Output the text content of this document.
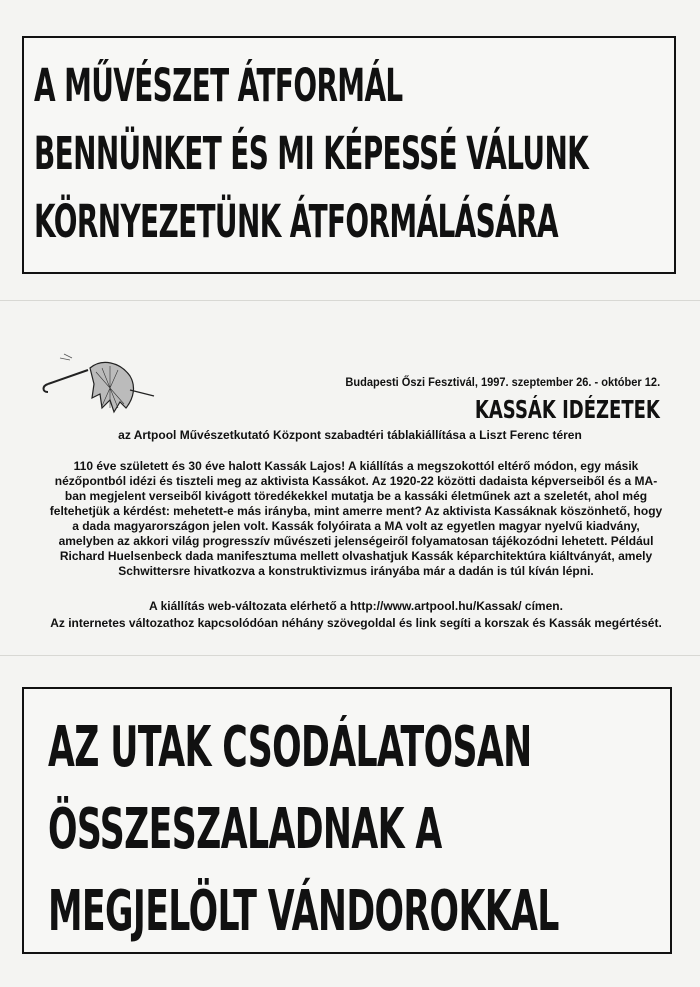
A MŰVÉSZET ÁTFORMÁL
BENNÜNKET ÉS MI KÉPESSÉ VÁLUNK
KÖRNYEZETÜNK ÁTFORMÁLÁSÁRA
Budapesti Őszi Fesztivál, 1997. szeptember 26. - október 12.
KASSÁK IDÉZETEK
az Artpool Művészetkutató Központ szabadtéri táblakiállítása a Liszt Ferenc téren

110 éve született és 30 éve halott Kassák Lajos! A kiállítás a megszokottól eltérő módon, egy másik nézőpontból idézi és tiszteli meg az aktivista Kassákot. Az 1920-22 közötti dadaista képverseiből és a MA-ban megjelent verseiből kivágott töredékekkel mutatja be a kassáki életműnek azt a szeletét, ahol még feltehetjük a kérdést: mehetett-e más irányba, mint amerre ment? Az aktivista Kassáknak köszönhető, hogy a dada magyarországon jelen volt. Kassák folyóirata a MA volt az egyetlen magyar nyelvű kiadvány, amelyben az akkori világ progresszív művészeti jelenségeiről folyamatosan tájékozódni lehetett. Például Richard Huelsenbeck dada manifesztuma mellett olvashatjuk Kassák képarchitektúra kiáltványát, amely Schwittersre hivatkozva a konstruktivizmus irányába már a dadán is túl kíván lépni.

A kiállítás web-változata elérhető a http://www.artpool.hu/Kassak/ címen.

Az internetes változathoz kapcsolódóan néhány szövegoldal és link segíti a korszak és Kassák megértését.

AZ UTAK CSODÁLATOSAN
ÖSSZESZALADNAK A
MEGJELÖLT VÁNDOROKKAL
